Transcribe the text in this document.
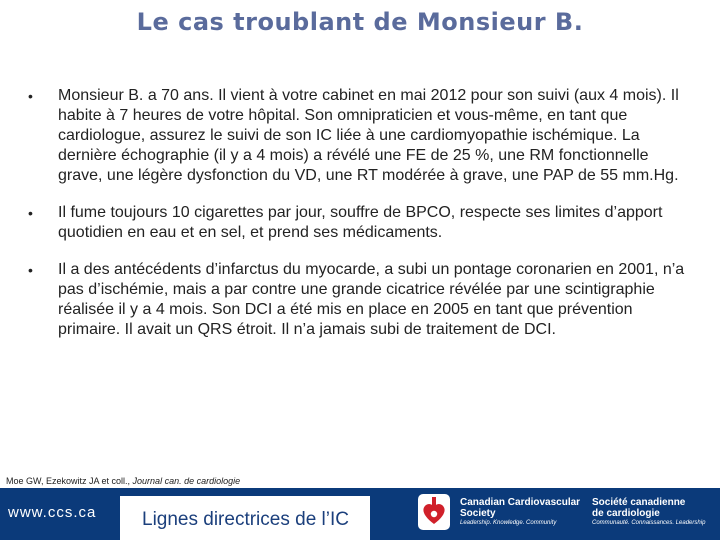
Le cas troublant de Monsieur B.
•	Monsieur B. a 70 ans. Il vient à votre cabinet en mai 2012 pour son suivi (aux 4 mois). Il habite à 7 heures de votre hôpital. Son omnipraticien et vous-même, en tant que cardiologue, assurez le suivi de son IC liée à une cardiomyopathie ischémique. La dernière échographie (il y a 4 mois) a révélé une FE de 25 %, une RM fonctionnelle grave, une légère dysfonction du VD, une RT modérée à grave, une PAP de 55 mm.Hg.
•	Il fume toujours 10 cigarettes par jour, souffre de BPCO, respecte ses limites d’apport quotidien en eau et en sel, et prend ses médicaments.
•	Il a des antécédents d’infarctus du myocarde, a subi un pontage coronarien en 2001, n’a pas d’ischémie, mais a par contre une grande cicatrice révélée par une scintigraphie réalisée il y a 4 mois. Son DCI a été mis en place en 2005 en tant que prévention primaire. Il avait un QRS étroit. Il n’a jamais subi de traitement de DCI.
Moe GW, Ezekowitz JA et coll., Journal can. de cardiologie
www.ccs.ca Lignes directrices de l’IC
Canadian Cardiovascular
Society
Leadership. Knowledge. Community
Société canadienne
de cardiologie
Communauté. Connaissances. Leadership
